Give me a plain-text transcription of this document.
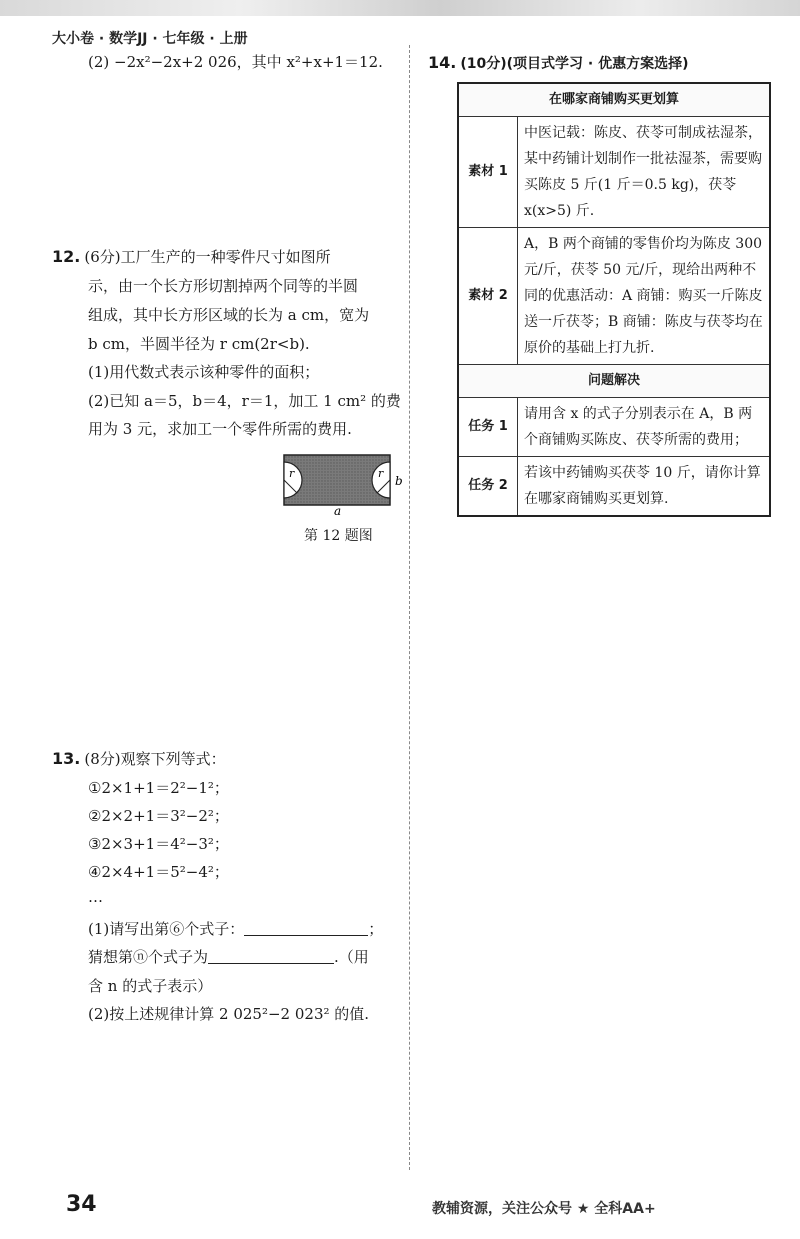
大小卷 · 数学JJ · 七年级 · 上册
(2) −2x²−2x+2 026，其中 x²+x+1＝12.
12. (6分)工厂生产的一种零件尺寸如图所
示，由一个长方形切割掉两个同等的半圆
组成，其中长方形区域的长为 a cm，宽为
b cm，半圆半径为 r cm(2r<b).
(1)用代数式表示该种零件的面积；
(2)已知 a＝5，b＝4，r＝1，加工 1 cm² 的费
用为 3 元，求加工一个零件所需的费用.
r	r
b
a
第 12 题图
13. (8分)观察下列等式：
①2×1+1＝2²−1²；
②2×2+1＝3²−2²；
③2×3+1＝4²−3²；
④2×4+1＝5²−4²；
…
(1)请写出第⑥个式子：	；
猜想第ⓝ个式子为	.（用
含 n 的式子表示）
(2)按上述规律计算 2 025²−2 023² 的值.
14. (10分)(项目式学习 · 优惠方案选择)
在哪家商铺购买更划算	
素材 1	中医记载：陈皮、茯苓可制成祛湿茶，某中药铺计划制作一批祛湿茶，需要购买陈皮 5 斤(1 斤＝0.5 kg)，茯苓 x(x>5) 斤.
素材 2	A，B 两个商铺的零售价均为陈皮 300 元/斤，茯苓 50 元/斤，现给出两种不同的优惠活动：A 商铺：购买一斤陈皮送一斤茯苓；B 商铺：陈皮与茯苓均在原价的基础上打九折.
问题解决	
任务 1	请用含 x 的式子分别表示在 A，B 两个商铺购买陈皮、茯苓所需的费用；
任务 2	若该中药铺购买茯苓 10 斤，请你计算在哪家商铺购买更划算.
34	教辅资源，关注公众号 ★ 全科AA+
